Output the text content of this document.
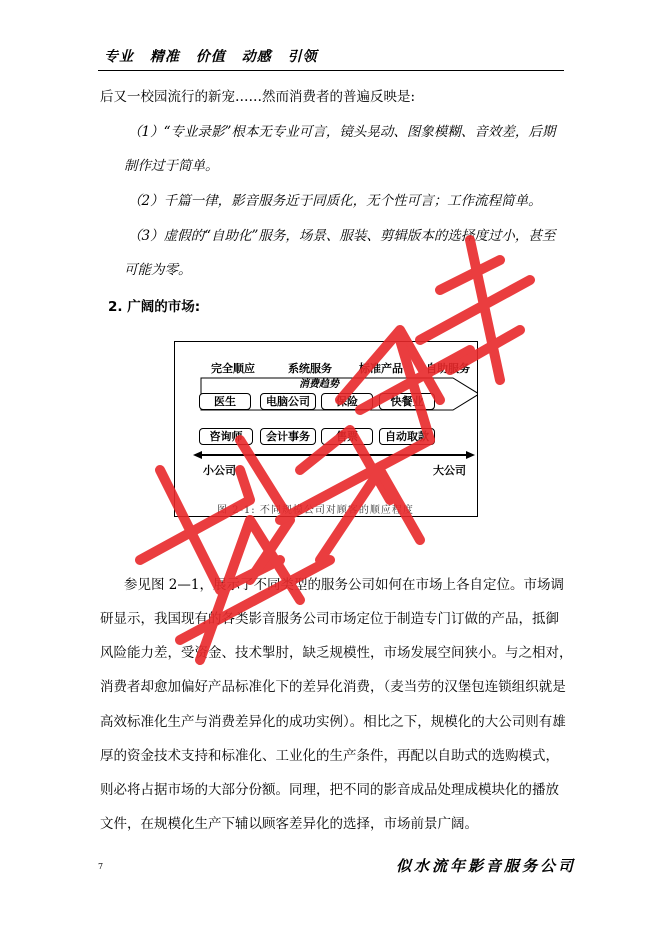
专业 精准 价值 动感 引领
后又一校园流行的新宠……然而消费者的普遍反映是:
（1）“专业录影”根本无专业可言，镜头晃动、图象模糊、音效差，后期
制作过于简单。
（2）千篇一律，影音服务近于同质化，无个性可言；工作流程简单。
（3）虚假的“自助化”服务，场景、服装、剪辑版本的选择度过小，甚至
可能为零。
2. 广阔的市场:
完全顺应	系统服务 标准产品 自助服务
消费趋势
医生	电脑公司	保险	快餐业
咨询师	会计事务	售票	自动取款
小公司	大公司
图 2-1: 不同规模公司对顾客的顺应程度
参见图 2—1，展示了不同类型的服务公司如何在市场上各自定位。市场调
研显示，我国现有的各类影音服务公司市场定位于制造专门订做的产品，抵御
风险能力差，受资金、技术掣肘，缺乏规模性，市场发展空间狭小。与之相对，
消费者却愈加偏好产品标准化下的差异化消费，（麦当劳的汉堡包连锁组织就是
高效标准化生产与消费差异化的成功实例）。相比之下，规模化的大公司则有雄
厚的资金技术支持和标准化、工业化的生产条件，再配以自助式的选购模式，
则必将占据市场的大部分份额。同理，把不同的影音成品处理成模块化的播放
文件，在规模化生产下辅以顾客差异化的选择，市场前景广阔。
7	似水流年影音服务公司
